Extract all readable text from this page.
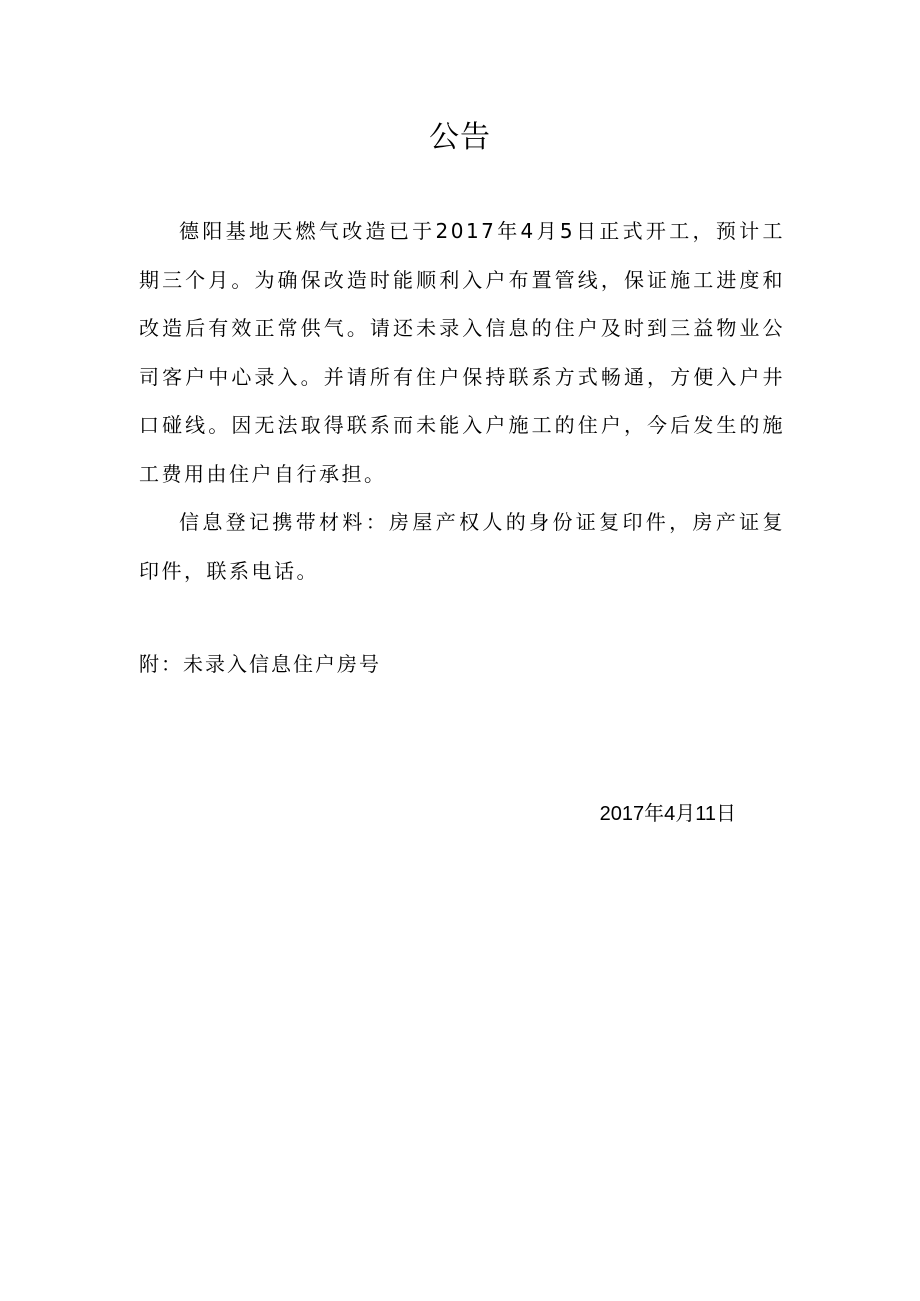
公告

德阳基地天燃气改造已于2017年4月5日正式开工，预计工期三个月。为确保改造时能顺利入户布置管线，保证施工进度和改造后有效正常供气。请还未录入信息的住户及时到三益物业公司客户中心录入。并请所有住户保持联系方式畅通，方便入户井口碰线。因无法取得联系而未能入户施工的住户，今后发生的施工费用由住户自行承担。

信息登记携带材料：房屋产权人的身份证复印件，房产证复印件，联系电话。

附：未录入信息住户房号
2017年4月11日
